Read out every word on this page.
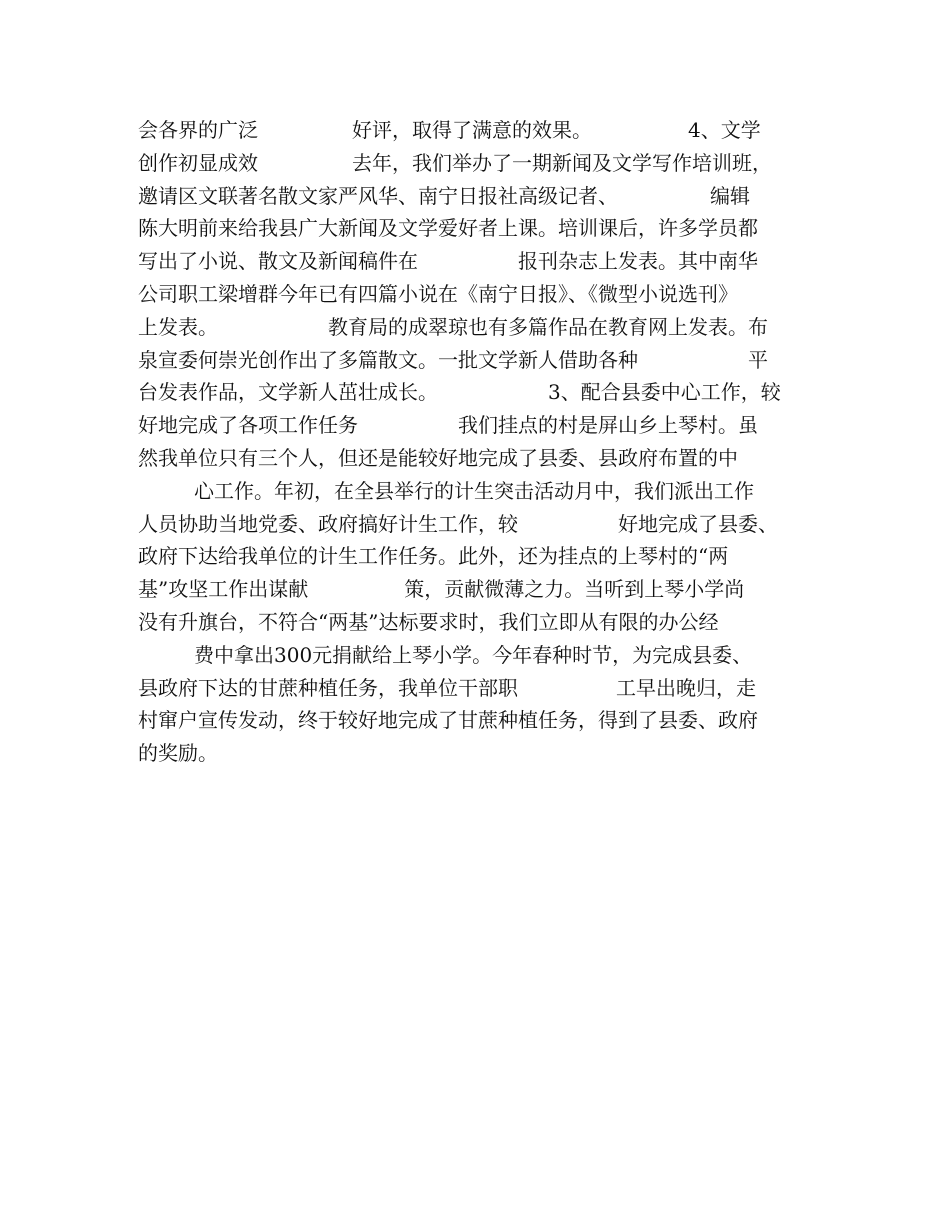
会各界的广泛	好评，取得了满意的效果。	4、文学
创作初显成效	去年，我们举办了一期新闻及文学写作培训班，
邀请区文联著名散文家严风华、南宁日报社高级记者、	编辑
陈大明前来给我县广大新闻及文学爱好者上课。培训课后，许多学员都
写出了小说、散文及新闻稿件在	报刊杂志上发表。其中南华
公司职工梁增群今年已有四篇小说在《南宁日报》、《微型小说选刊》
上发表。	教育局的成翠琼也有多篇作品在教育网上发表。布
泉宣委何崇光创作出了多篇散文。一批文学新人借助各种	平
台发表作品，文学新人茁壮成长。	3、配合县委中心工作，较
好地完成了各项工作任务	我们挂点的村是屏山乡上琴村。虽
然我单位只有三个人，但还是能较好地完成了县委、县政府布置的中
心工作。年初，在全县举行的计生突击活动月中，我们派出工作
人员协助当地党委、政府搞好计生工作，较	好地完成了县委、
政府下达给我单位的计生工作任务。此外，还为挂点的上琴村的“两
基”攻坚工作出谋献	策，贡献微薄之力。当听到上琴小学尚
没有升旗台，不符合“两基”达标要求时，我们立即从有限的办公经
费中拿出300元捐献给上琴小学。今年春种时节，为完成县委、
县政府下达的甘蔗种植任务，我单位干部职	工早出晚归，走
村窜户宣传发动，终于较好地完成了甘蔗种植任务，得到了县委、政府
的奖励。
